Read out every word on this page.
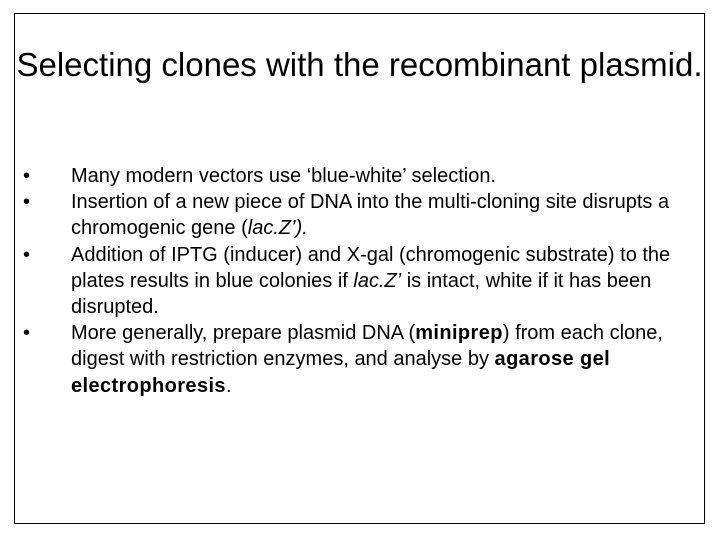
Selecting clones with the recombinant plasmid.
• Many modern vectors use ‘blue-white’ selection.
• Insertion of a new piece of DNA into the multi-cloning site disrupts a chromogenic gene (lac.Z’).
• Addition of IPTG (inducer) and X-gal (chromogenic substrate) to the plates results in blue colonies if lac.Z’ is intact, white if it has been disrupted.
• More generally, prepare plasmid DNA (miniprep) from each clone, digest with restriction enzymes, and analyse by agarose gel electrophoresis.
